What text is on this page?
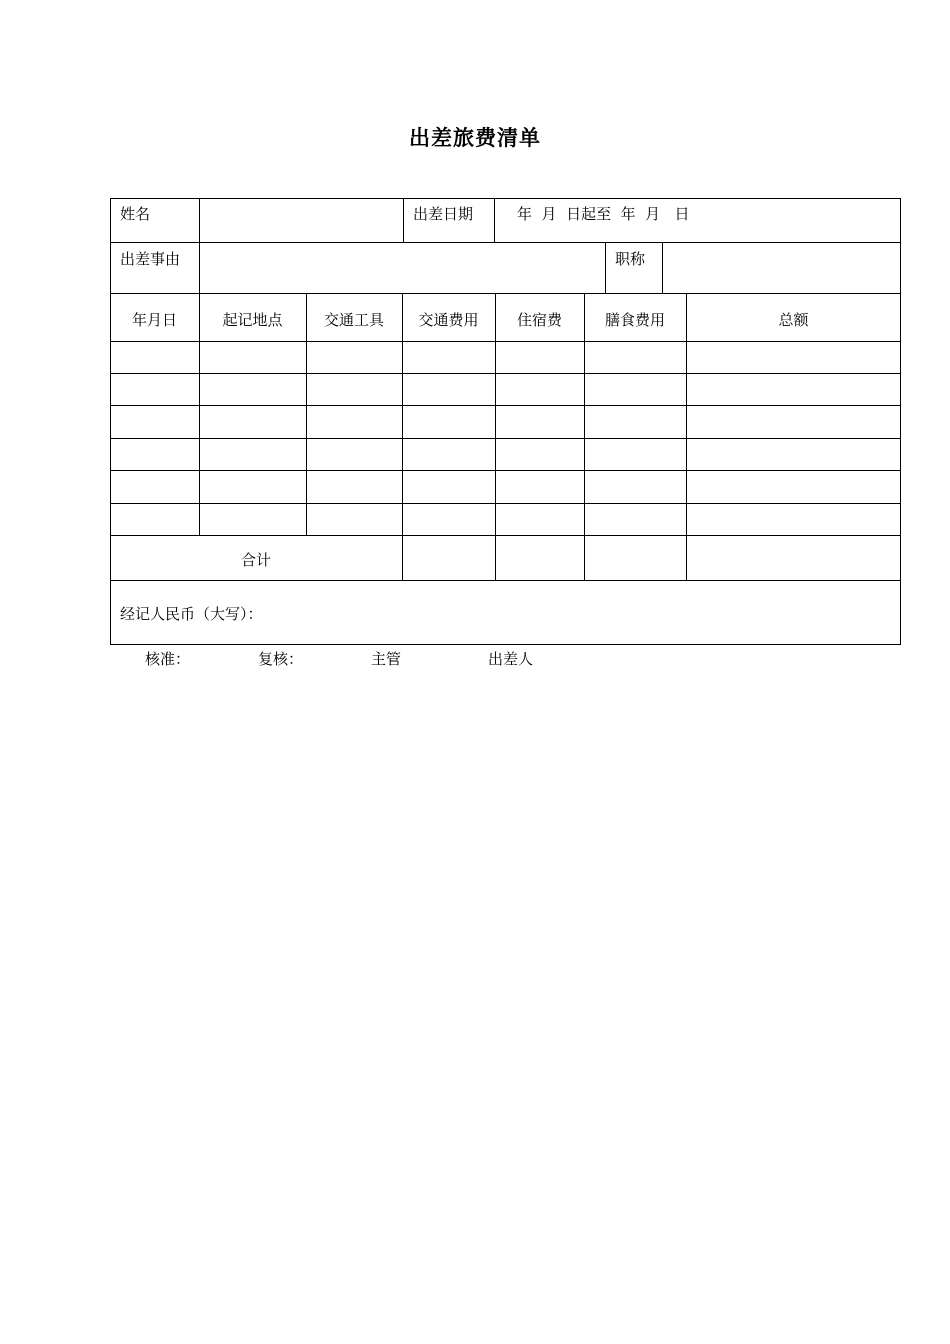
出差旅费清单
姓名	出差日期	年  月  日起至  年  月   日
出差事由	职称
年月日	起记地点	交通工具	交通费用	住宿费	膳食费用	总额
合计
经记人民币（大写）：
核准：	复核：	主管	出差人
